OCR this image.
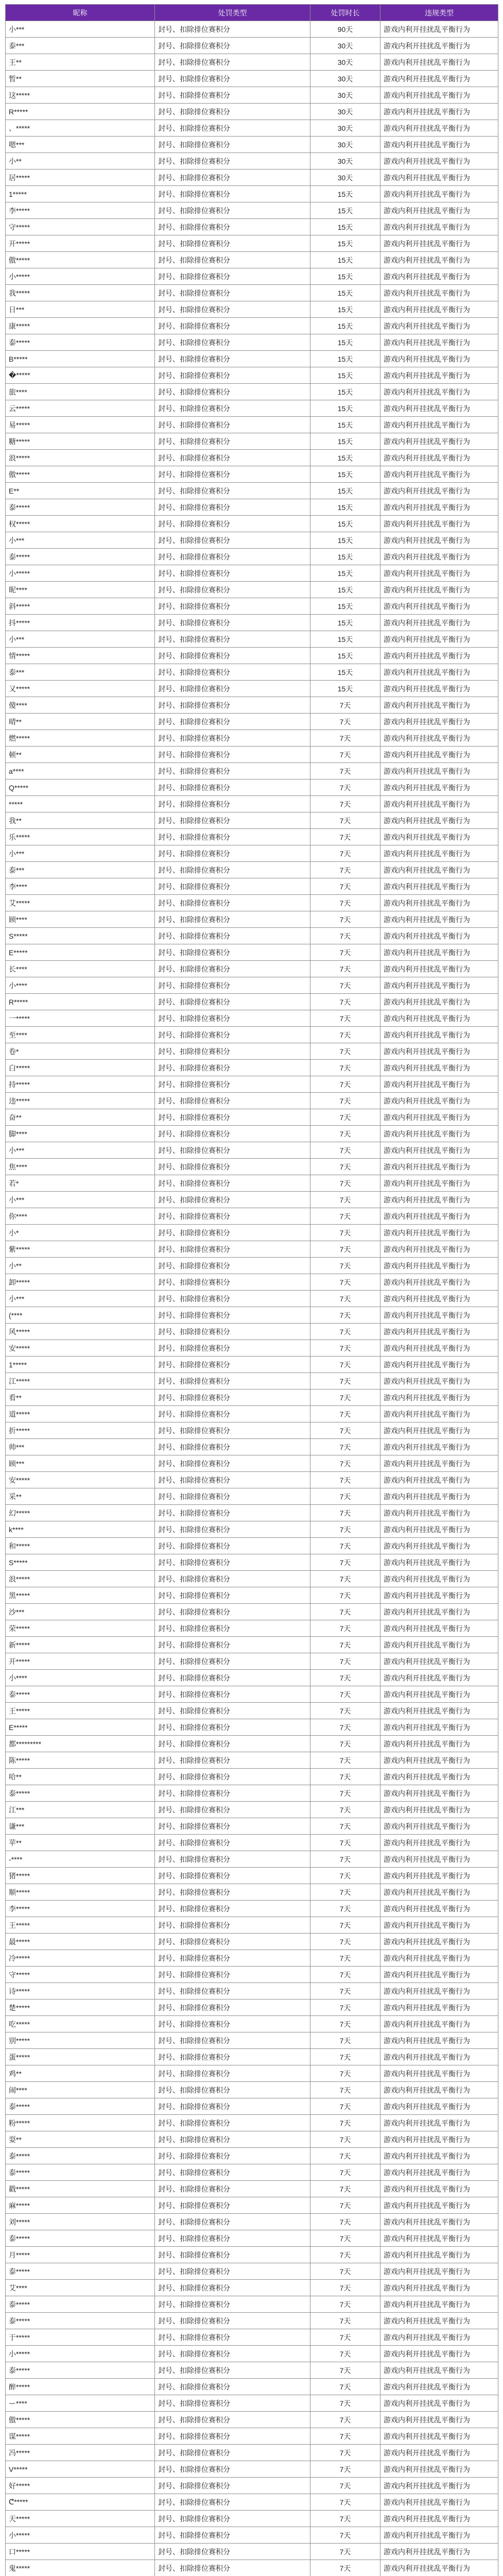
昵称	处罚类型	处罚时长	违规类型
小***	封号、扣除排位赛积分	90天	游戏内利开挂扰乱平衡行为
泰***	封号、扣除排位赛积分	30天	游戏内利开挂扰乱平衡行为
王**	封号、扣除排位赛积分	30天	游戏内利开挂扰乱平衡行为
暂**	封号、扣除排位赛积分	30天	游戏内利开挂扰乱平衡行为
这*****	封号、扣除排位赛积分	30天	游戏内利开挂扰乱平衡行为
R*****	封号、扣除排位赛积分	30天	游戏内利开挂扰乱平衡行为
、*****	封号、扣除排位赛积分	30天	游戏内利开挂扰乱平衡行为
嗯***	封号、扣除排位赛积分	30天	游戏内利开挂扰乱平衡行为
小**	封号、扣除排位赛积分	30天	游戏内利开挂扰乱平衡行为
居*****	封号、扣除排位赛积分	30天	游戏内利开挂扰乱平衡行为
1*****	封号、扣除排位赛积分	15天	游戏内利开挂扰乱平衡行为
李*****	封号、扣除排位赛积分	15天	游戏内利开挂扰乱平衡行为
守*****	封号、扣除排位赛积分	15天	游戏内利开挂扰乱平衡行为
开*****	封号、扣除排位赛积分	15天	游戏内利开挂扰乱平衡行为
傲*****	封号、扣除排位赛积分	15天	游戏内利开挂扰乱平衡行为
小*****	封号、扣除排位赛积分	15天	游戏内利开挂扰乱平衡行为
我*****	封号、扣除排位赛积分	15天	游戏内利开挂扰乱平衡行为
日***	封号、扣除排位赛积分	15天	游戏内利开挂扰乱平衡行为
康*****	封号、扣除排位赛积分	15天	游戏内利开挂扰乱平衡行为
泰*****	封号、扣除排位赛积分	15天	游戏内利开挂扰乱平衡行为
B*****	封号、扣除排位赛积分	15天	游戏内利开挂扰乱平衡行为
�*****	封号、扣除排位赛积分	15天	游戏内利开挂扰乱平衡行为
旅****	封号、扣除排位赛积分	15天	游戏内利开挂扰乱平衡行为
云*****	封号、扣除排位赛积分	15天	游戏内利开挂扰乱平衡行为
易*****	封号、扣除排位赛积分	15天	游戏内利开挂扰乱平衡行为
糖*****	封号、扣除排位赛积分	15天	游戏内利开挂扰乱平衡行为
浪*****	封号、扣除排位赛积分	15天	游戏内利开挂扰乱平衡行为
傲*****	封号、扣除排位赛积分	15天	游戏内利开挂扰乱平衡行为
E**	封号、扣除排位赛积分	15天	游戏内利开挂扰乱平衡行为
泰*****	封号、扣除排位赛积分	15天	游戏内利开挂扰乱平衡行为
权*****	封号、扣除排位赛积分	15天	游戏内利开挂扰乱平衡行为
小***	封号、扣除排位赛积分	15天	游戏内利开挂扰乱平衡行为
泰*****	封号、扣除排位赛积分	15天	游戏内利开挂扰乱平衡行为
小*****	封号、扣除排位赛积分	15天	游戏内利开挂扰乱平衡行为
昵****	封号、扣除排位赛积分	15天	游戏内利开挂扰乱平衡行为
斜*****	封号、扣除排位赛积分	15天	游戏内利开挂扰乱平衡行为
抖*****	封号、扣除排位赛积分	15天	游戏内利开挂扰乱平衡行为
小***	封号、扣除排位赛积分	15天	游戏内利开挂扰乱平衡行为
情*****	封号、扣除排位赛积分	15天	游戏内利开挂扰乱平衡行为
泰***	封号、扣除排位赛积分	15天	游戏内利开挂扰乱平衡行为
又*****	封号、扣除排位赛积分	15天	游戏内利开挂扰乱平衡行为
傻****	封号、扣除排位赛积分	7天	游戏内利开挂扰乱平衡行为
晴**	封号、扣除排位赛积分	7天	游戏内利开挂扰乱平衡行为
燃*****	封号、扣除排位赛积分	7天	游戏内利开挂扰乱平衡行为
顿**	封号、扣除排位赛积分	7天	游戏内利开挂扰乱平衡行为
a****	封号、扣除排位赛积分	7天	游戏内利开挂扰乱平衡行为
Q*****	封号、扣除排位赛积分	7天	游戏内利开挂扰乱平衡行为
*****	封号、扣除排位赛积分	7天	游戏内利开挂扰乱平衡行为
我**	封号、扣除排位赛积分	7天	游戏内利开挂扰乱平衡行为
乐*****	封号、扣除排位赛积分	7天	游戏内利开挂扰乱平衡行为
小***	封号、扣除排位赛积分	7天	游戏内利开挂扰乱平衡行为
泰***	封号、扣除排位赛积分	7天	游戏内利开挂扰乱平衡行为
李****	封号、扣除排位赛积分	7天	游戏内利开挂扰乱平衡行为
艾*****	封号、扣除排位赛积分	7天	游戏内利开挂扰乱平衡行为
顾****	封号、扣除排位赛积分	7天	游戏内利开挂扰乱平衡行为
S*****	封号、扣除排位赛积分	7天	游戏内利开挂扰乱平衡行为
E*****	封号、扣除排位赛积分	7天	游戏内利开挂扰乱平衡行为
长****	封号、扣除排位赛积分	7天	游戏内利开挂扰乱平衡行为
小****	封号、扣除排位赛积分	7天	游戏内利开挂扰乱平衡行为
R*****	封号、扣除排位赛积分	7天	游戏内利开挂扰乱平衡行为
一*****	封号、扣除排位赛积分	7天	游戏内利开挂扰乱平衡行为
至****	封号、扣除排位赛积分	7天	游戏内利开挂扰乱平衡行为
卷*	封号、扣除排位赛积分	7天	游戏内利开挂扰乱平衡行为
白*****	封号、扣除排位赛积分	7天	游戏内利开挂扰乱平衡行为
持*****	封号、扣除排位赛积分	7天	游戏内利开挂扰乱平衡行为
违*****	封号、扣除排位赛积分	7天	游戏内利开挂扰乱平衡行为
奋**	封号、扣除排位赛积分	7天	游戏内利开挂扰乱平衡行为
脚****	封号、扣除排位赛积分	7天	游戏内利开挂扰乱平衡行为
小***	封号、扣除排位赛积分	7天	游戏内利开挂扰乱平衡行为
焦****	封号、扣除排位赛积分	7天	游戏内利开挂扰乱平衡行为
若*	封号、扣除排位赛积分	7天	游戏内利开挂扰乱平衡行为
小***	封号、扣除排位赛积分	7天	游戏内利开挂扰乱平衡行为
你****	封号、扣除排位赛积分	7天	游戏内利开挂扰乱平衡行为
小*	封号、扣除排位赛积分	7天	游戏内利开挂扰乱平衡行为
紫*****	封号、扣除排位赛积分	7天	游戏内利开挂扰乱平衡行为
小**	封号、扣除排位赛积分	7天	游戏内利开挂扰乱平衡行为
卸*****	封号、扣除排位赛积分	7天	游戏内利开挂扰乱平衡行为
小***	封号、扣除排位赛积分	7天	游戏内利开挂扰乱平衡行为
(****	封号、扣除排位赛积分	7天	游戏内利开挂扰乱平衡行为
风*****	封号、扣除排位赛积分	7天	游戏内利开挂扰乱平衡行为
安*****	封号、扣除排位赛积分	7天	游戏内利开挂扰乱平衡行为
1*****	封号、扣除排位赛积分	7天	游戏内利开挂扰乱平衡行为
江*****	封号、扣除排位赛积分	7天	游戏内利开挂扰乱平衡行为
看**	封号、扣除排位赛积分	7天	游戏内利开挂扰乱平衡行为
道*****	封号、扣除排位赛积分	7天	游戏内利开挂扰乱平衡行为
折*****	封号、扣除排位赛积分	7天	游戏内利开挂扰乱平衡行为
帅***	封号、扣除排位赛积分	7天	游戏内利开挂扰乱平衡行为
顾***	封号、扣除排位赛积分	7天	游戏内利开挂扰乱平衡行为
安*****	封号、扣除排位赛积分	7天	游戏内利开挂扰乱平衡行为
采**	封号、扣除排位赛积分	7天	游戏内利开挂扰乱平衡行为
幻*****	封号、扣除排位赛积分	7天	游戏内利开挂扰乱平衡行为
k****	封号、扣除排位赛积分	7天	游戏内利开挂扰乱平衡行为
和*****	封号、扣除排位赛积分	7天	游戏内利开挂扰乱平衡行为
S*****	封号、扣除排位赛积分	7天	游戏内利开挂扰乱平衡行为
浪*****	封号、扣除排位赛积分	7天	游戏内利开挂扰乱平衡行为
黑*****	封号、扣除排位赛积分	7天	游戏内利开挂扰乱平衡行为
沙***	封号、扣除排位赛积分	7天	游戏内利开挂扰乱平衡行为
荣*****	封号、扣除排位赛积分	7天	游戏内利开挂扰乱平衡行为
新*****	封号、扣除排位赛积分	7天	游戏内利开挂扰乱平衡行为
开*****	封号、扣除排位赛积分	7天	游戏内利开挂扰乱平衡行为
小****	封号、扣除排位赛积分	7天	游戏内利开挂扰乱平衡行为
泰*****	封号、扣除排位赛积分	7天	游戏内利开挂扰乱平衡行为
王*****	封号、扣除排位赛积分	7天	游戏内利开挂扰乱平衡行为
E*****	封号、扣除排位赛积分	7天	游戏内利开挂扰乱平衡行为
都*********	封号、扣除排位赛积分	7天	游戏内利开挂扰乱平衡行为
陈*****	封号、扣除排位赛积分	7天	游戏内利开挂扰乱平衡行为
哈**	封号、扣除排位赛积分	7天	游戏内利开挂扰乱平衡行为
泰*****	封号、扣除排位赛积分	7天	游戏内利开挂扰乱平衡行为
江***	封号、扣除排位赛积分	7天	游戏内利开挂扰乱平衡行为
谦***	封号、扣除排位赛积分	7天	游戏内利开挂扰乱平衡行为
苹**	封号、扣除排位赛积分	7天	游戏内利开挂扰乱平衡行为
-****	封号、扣除排位赛积分	7天	游戏内利开挂扰乱平衡行为
猪*****	封号、扣除排位赛积分	7天	游戏内利开挂扰乱平衡行为
顺*****	封号、扣除排位赛积分	7天	游戏内利开挂扰乱平衡行为
李*****	封号、扣除排位赛积分	7天	游戏内利开挂扰乱平衡行为
王*****	封号、扣除排位赛积分	7天	游戏内利开挂扰乱平衡行为
最*****	封号、扣除排位赛积分	7天	游戏内利开挂扰乱平衡行为
冷*****	封号、扣除排位赛积分	7天	游戏内利开挂扰乱平衡行为
守*****	封号、扣除排位赛积分	7天	游戏内利开挂扰乱平衡行为
诗*****	封号、扣除排位赛积分	7天	游戏内利开挂扰乱平衡行为
楚*****	封号、扣除排位赛积分	7天	游戏内利开挂扰乱平衡行为
吃*****	封号、扣除排位赛积分	7天	游戏内利开挂扰乱平衡行为
别*****	封号、扣除排位赛积分	7天	游戏内利开挂扰乱平衡行为
蛋*****	封号、扣除排位赛积分	7天	游戏内利开挂扰乱平衡行为
鸡**	封号、扣除排位赛积分	7天	游戏内利开挂扰乱平衡行为
闹****	封号、扣除排位赛积分	7天	游戏内利开挂扰乱平衡行为
泰*****	封号、扣除排位赛积分	7天	游戏内利开挂扰乱平衡行为
粉*****	封号、扣除排位赛积分	7天	游戏内利开挂扰乱平衡行为
耍**	封号、扣除排位赛积分	7天	游戏内利开挂扰乱平衡行为
泰*****	封号、扣除排位赛积分	7天	游戏内利开挂扰乱平衡行为
泰*****	封号、扣除排位赛积分	7天	游戏内利开挂扰乱平衡行为
戳*****	封号、扣除排位赛积分	7天	游戏内利开挂扰乱平衡行为
麻*****	封号、扣除排位赛积分	7天	游戏内利开挂扰乱平衡行为
刘*****	封号、扣除排位赛积分	7天	游戏内利开挂扰乱平衡行为
泰*****	封号、扣除排位赛积分	7天	游戏内利开挂扰乱平衡行为
月*****	封号、扣除排位赛积分	7天	游戏内利开挂扰乱平衡行为
泰*****	封号、扣除排位赛积分	7天	游戏内利开挂扰乱平衡行为
艾****	封号、扣除排位赛积分	7天	游戏内利开挂扰乱平衡行为
泰*****	封号、扣除排位赛积分	7天	游戏内利开挂扰乱平衡行为
泰*****	封号、扣除排位赛积分	7天	游戏内利开挂扰乱平衡行为
于*****	封号、扣除排位赛积分	7天	游戏内利开挂扰乱平衡行为
小*****	封号、扣除排位赛积分	7天	游戏内利开挂扰乱平衡行为
泰*****	封号、扣除排位赛积分	7天	游戏内利开挂扰乱平衡行为
醉*****	封号、扣除排位赛积分	7天	游戏内利开挂扰乱平衡行为
ー****	封号、扣除排位赛积分	7天	游戏内利开挂扰乱平衡行为
傲*****	封号、扣除排位赛积分	7天	游戏内利开挂扰乱平衡行为
谋*****	封号、扣除排位赛积分	7天	游戏内利开挂扰乱平衡行为
冯*****	封号、扣除排位赛积分	7天	游戏内利开挂扰乱平衡行为
V*****	封号、扣除排位赛积分	7天	游戏内利开挂扰乱平衡行为
好*****	封号、扣除排位赛积分	7天	游戏内利开挂扰乱平衡行为
ᕦ*****	封号、扣除排位赛积分	7天	游戏内利开挂扰乱平衡行为
天*****	封号、扣除排位赛积分	7天	游戏内利开挂扰乱平衡行为
小*****	封号、扣除排位赛积分	7天	游戏内利开挂扰乱平衡行为
口*****	封号、扣除排位赛积分	7天	游戏内利开挂扰乱平衡行为
鬼*****	封号、扣除排位赛积分	7天	游戏内利开挂扰乱平衡行为
